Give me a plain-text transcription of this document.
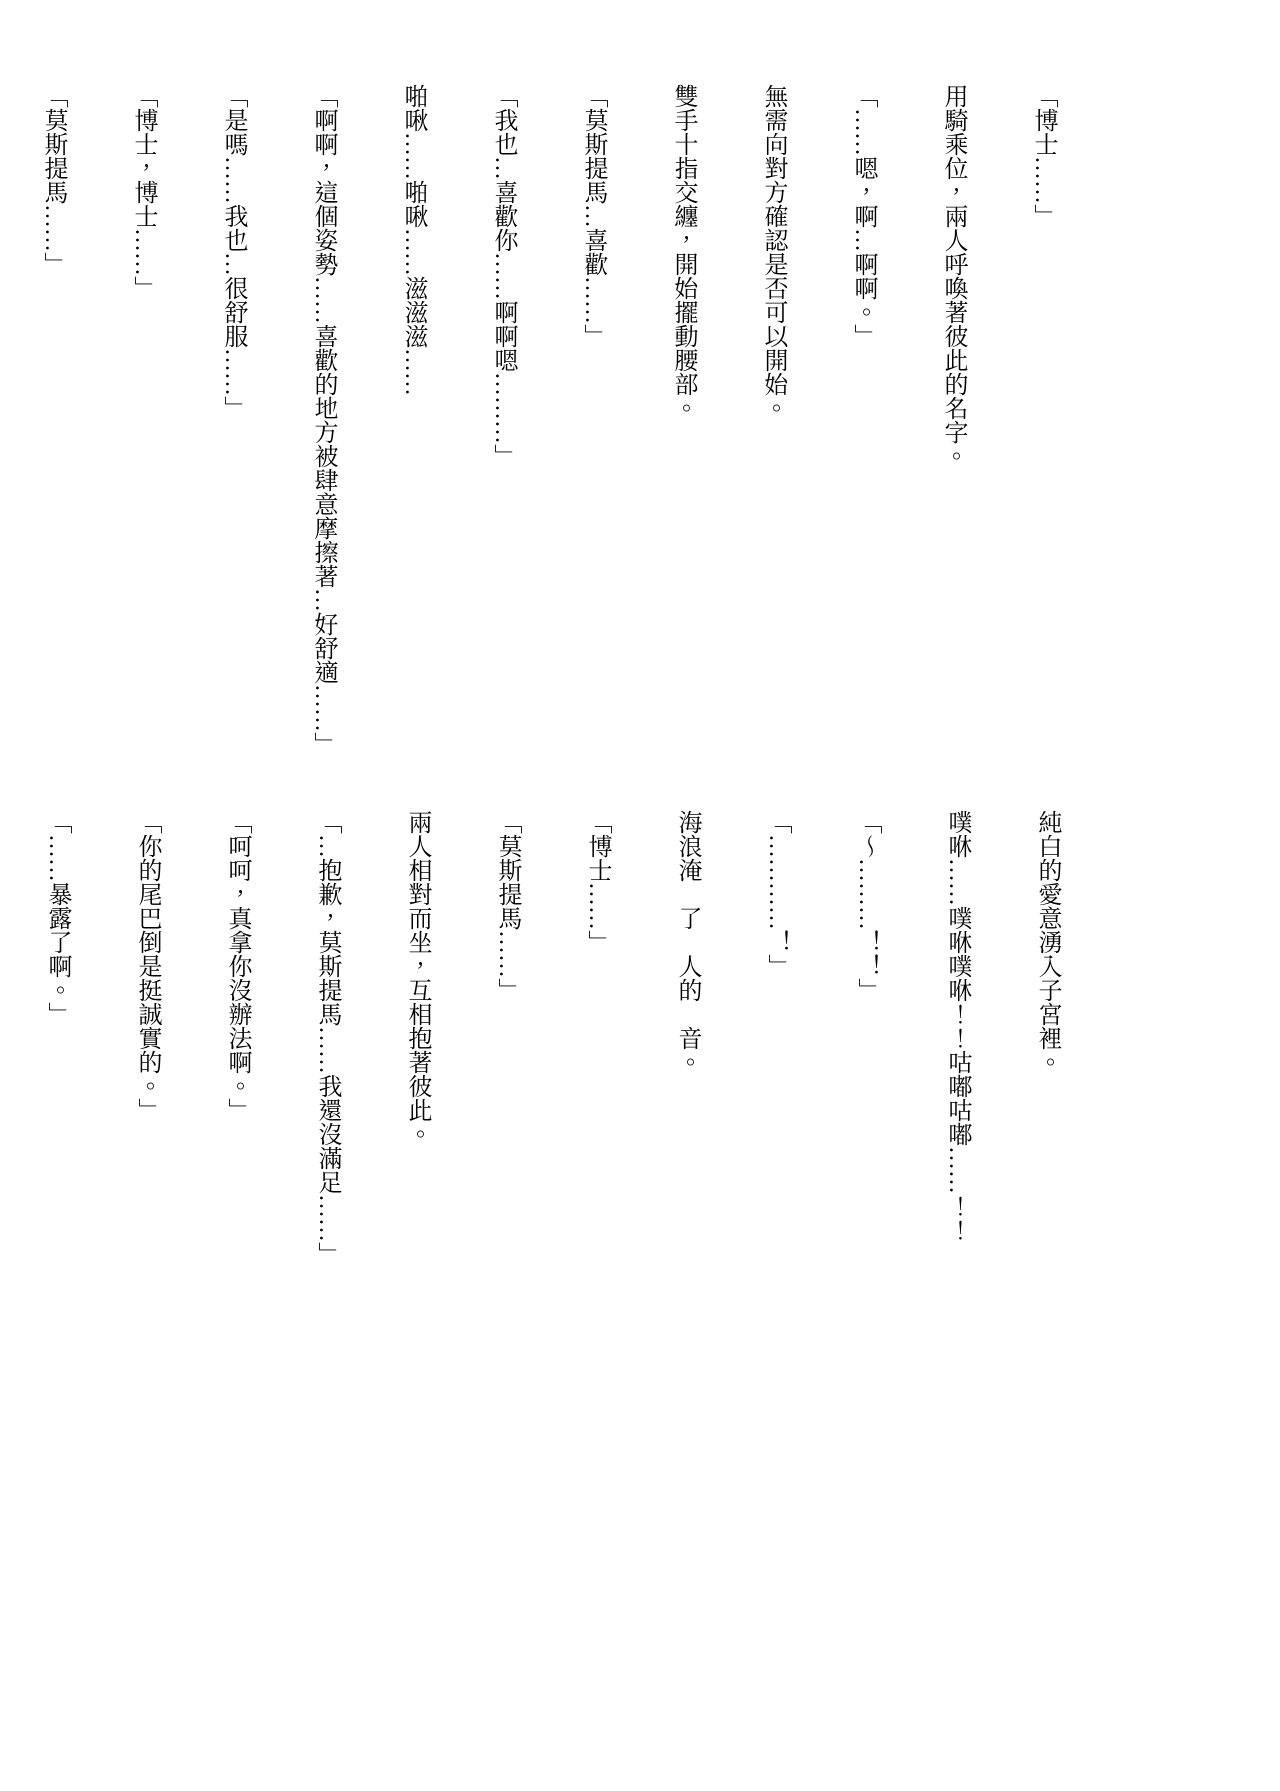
「博士……」

用騎乘位，兩人呼喚著彼此的名字。

「……嗯，啊…啊啊。」

無需向對方確認是否可以開始。

雙手十指交纏，開始擺動腰部。

「莫斯提馬…喜歡……」

「我也…喜歡你……啊啊嗯………」

啪啾……啪啾……滋滋滋……

「啊啊，這個姿勢……喜歡的地方被肆意摩擦著…好舒適……」

「是嗎……我也…很舒服……」

「博士，博士……」

「莫斯提馬……」

純白的愛意湧入子宮裡。

噗咻……噗咻噗咻！！咕嘟咕嘟……！！

「～………！！」

「…………！」

海浪淹　了　人的　音。

「博士……」

「莫斯提馬……」

兩人相對而坐，互相抱著彼此。

「…抱歉，莫斯提馬……我還沒滿足……」

「呵呵，真拿你沒辦法啊。」

「你的尾巴倒是挺誠實的。」

「……暴露了啊。」
